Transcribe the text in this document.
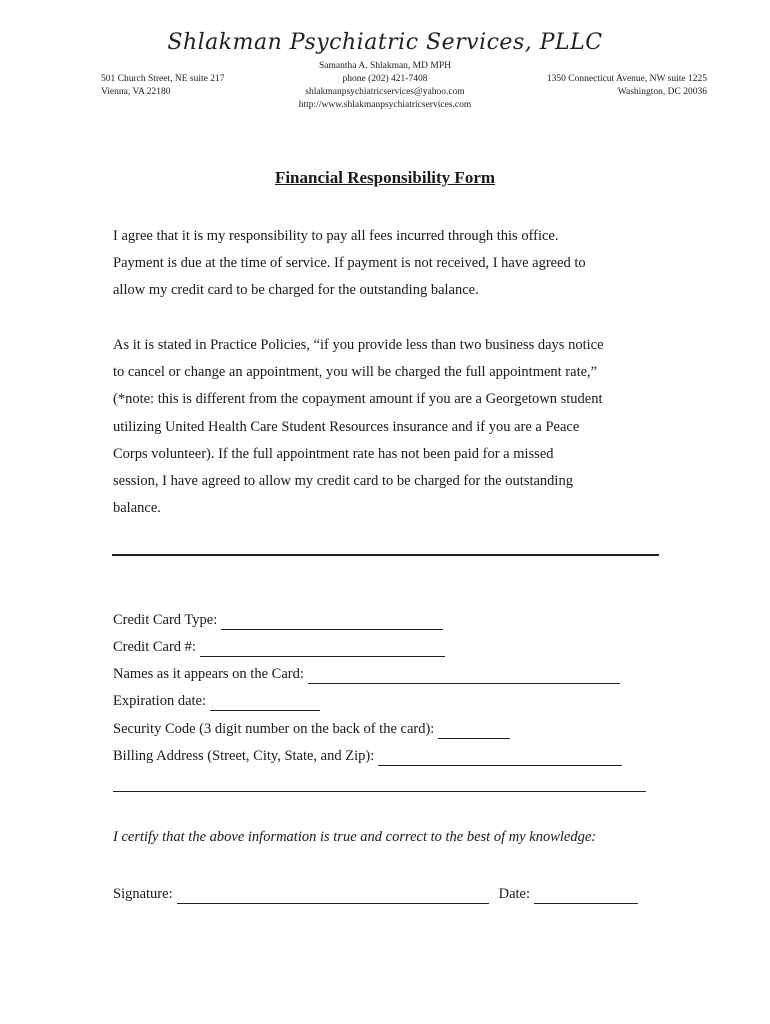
Shlakman Psychiatric Services, PLLC
501 Church Street, NE suite 217
Vienna, VA 22180
Samantha A. Shlakman, MD MPH
phone (202) 421-7408
shlakmanpsychiatricservices@yahoo.com
http://www.shlakmanpsychiatricservices.com
1350 Connecticut Avenue, NW suite 1225
Washington, DC 20036
Financial Responsibility Form
I agree that it is my responsibility to pay all fees incurred through this office.
Payment is due at the time of service. If payment is not received, I have agreed to
allow my credit card to be charged for the outstanding balance.
As it is stated in Practice Policies, “if you provide less than two business days notice
to cancel or change an appointment, you will be charged the full appointment rate,”
(*note: this is different from the copayment amount if you are a Georgetown student
utilizing United Health Care Student Resources insurance and if you are a Peace
Corps volunteer). If the full appointment rate has not been paid for a missed
session, I have agreed to allow my credit card to be charged for the outstanding
balance.
Credit Card Type:
Credit Card #:
Names as it appears on the Card:
Expiration date:
Security Code (3 digit number on the back of the card):
Billing Address (Street, City, State, and Zip):
I certify that the above information is true and correct to the best of my knowledge:
Signature:	Date:
